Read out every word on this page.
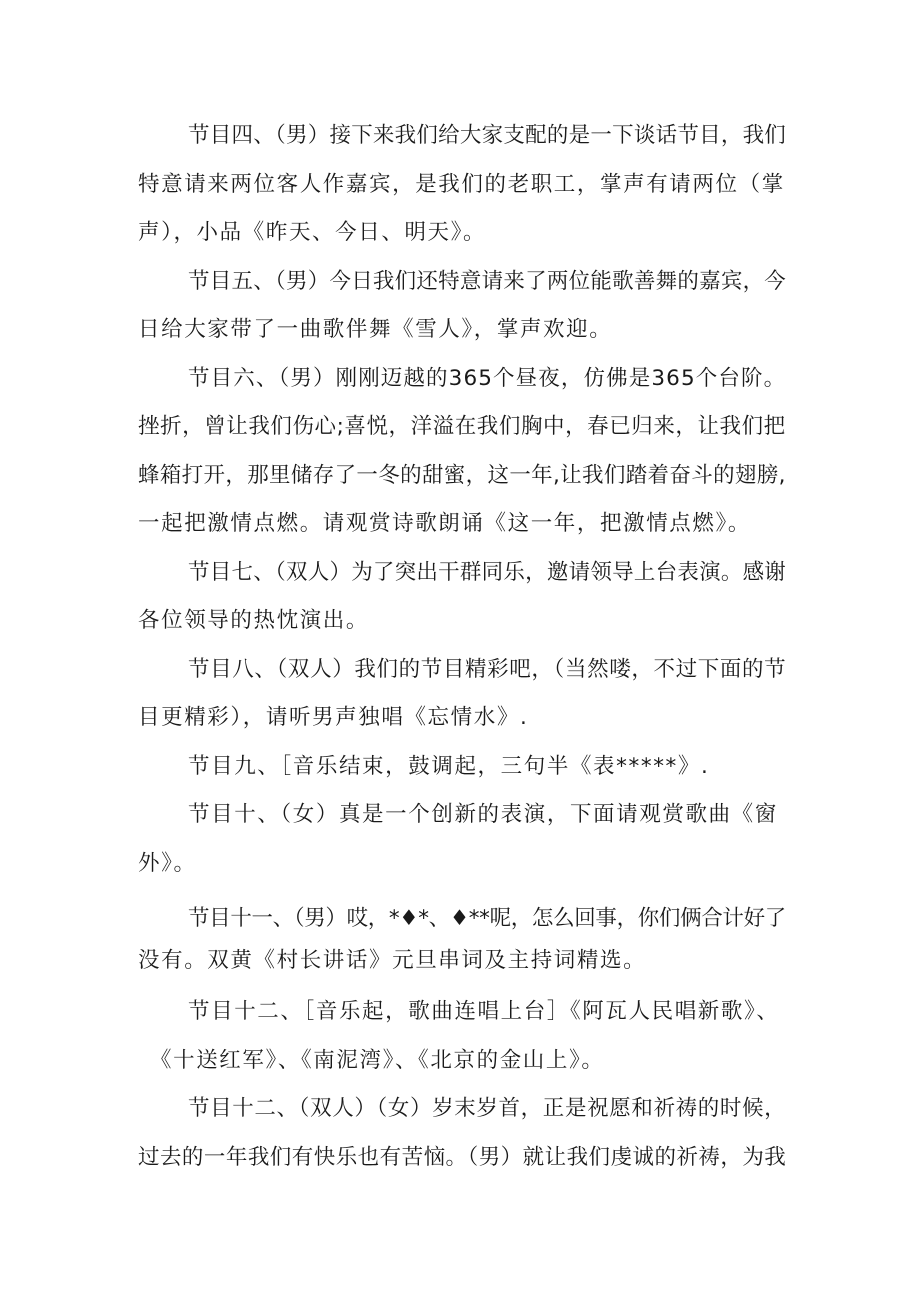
节目四、（男）接下来我们给大家支配的是一下谈话节目，我们
特意请来两位客人作嘉宾，是我们的老职工，掌声有请两位（掌
声），小品《昨天、今日、明天》。

节目五、（男）今日我们还特意请来了两位能歌善舞的嘉宾，今
日给大家带了一曲歌伴舞《雪人》，掌声欢迎。

节目六、（男）刚刚迈越的365个昼夜，仿佛是365个台阶。
挫折，曾让我们伤心;喜悦，洋溢在我们胸中，春已归来，让我们把
蜂箱打开，那里储存了一冬的甜蜜，这一年,让我们踏着奋斗的翅膀,
一起把激情点燃。请观赏诗歌朗诵《这一年，把激情点燃》。

节目七、（双人）为了突出干群同乐，邀请领导上台表演。感谢
各位领导的热忱演出。

节目八、（双人）我们的节目精彩吧，（当然喽，不过下面的节
目更精彩），请听男声独唱《忘情水》.

节目九、［音乐结束，鼓调起，三句半《表*****》.

节目十、（女）真是一个创新的表演，下面请观赏歌曲《窗
外》。

节目十一、（男）哎，*♦*、♦**呢，怎么回事，你们俩合计好了
没有。双黄《村长讲话》元旦串词及主持词精选。

节目十二、［音乐起，歌曲连唱上台］《阿瓦人民唱新歌》、
《十送红军》、《南泥湾》、《北京的金山上》。

节目十二、（双人）（女）岁末岁首，正是祝愿和祈祷的时候，
过去的一年我们有快乐也有苦恼。（男）就让我们虔诚的祈祷，为我
